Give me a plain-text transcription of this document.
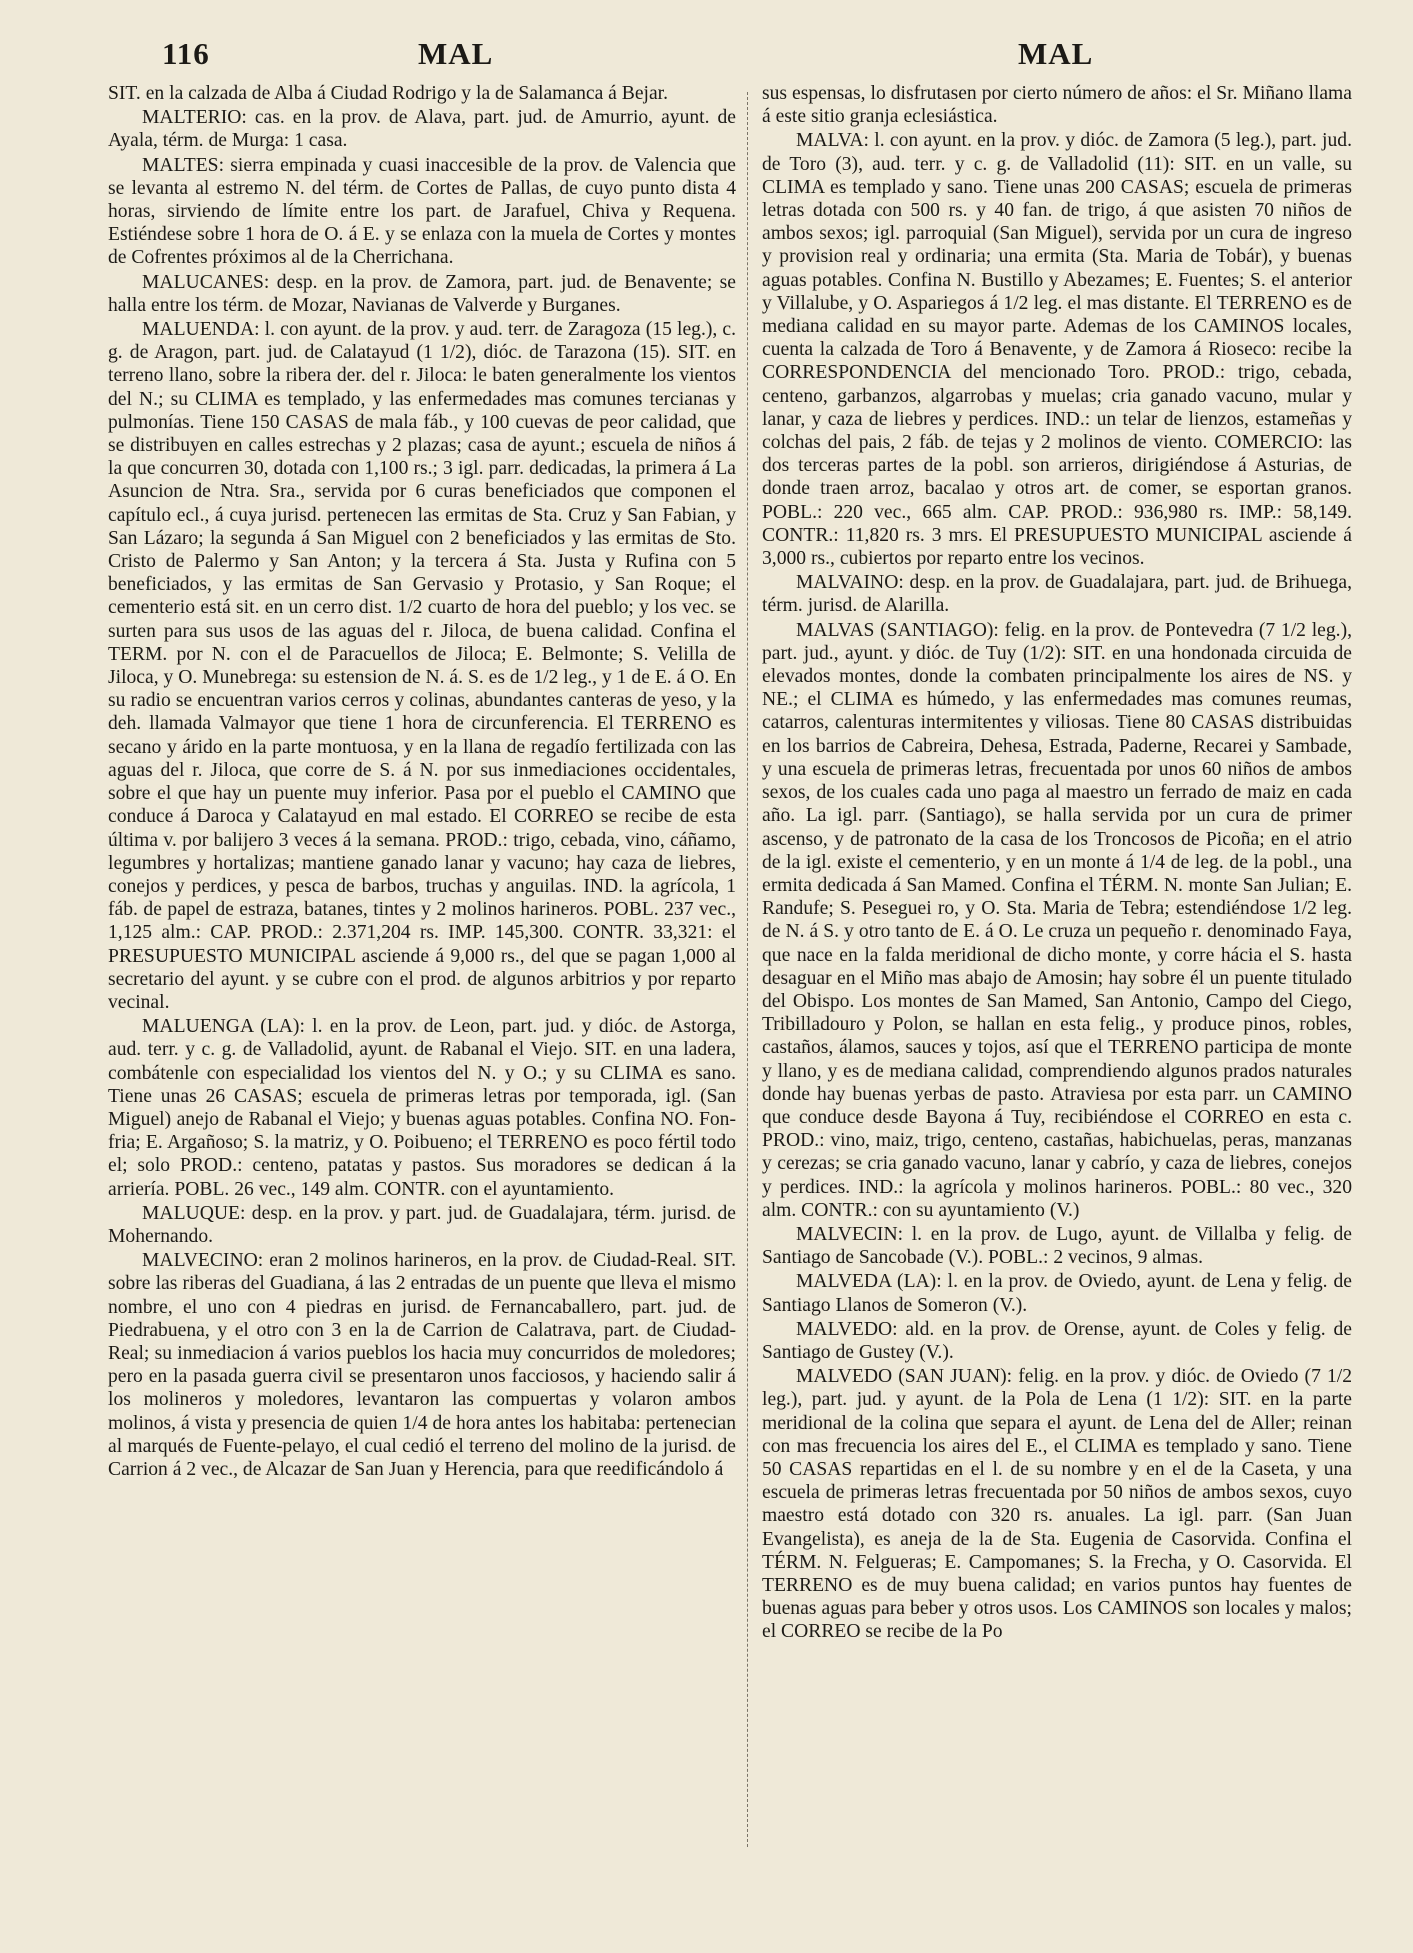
116	MAL	MAL

SIT. en la calzada de Alba á Ciudad Rodrigo y la de Salamanca á Bejar.

MALTERIO: cas. en la prov. de Alava, part. jud. de Amurrio, ayunt. de Ayala, térm. de Murga: 1 casa.

MALTES: sierra empinada y cuasi inaccesible de la prov. de Valencia que se levanta al estremo N. del térm. de Cortes de Pallas, de cuyo punto dista 4 horas, sirviendo de límite entre los part. de Jarafuel, Chiva y Requena. Estiéndese sobre 1 hora de O. á E. y se enlaza con la muela de Cortes y montes de Cofrentes próximos al de la Cherrichana.

MALUCANES: desp. en la prov. de Zamora, part. jud. de Benavente; se halla entre los térm. de Mozar, Navianas de Valverde y Burganes.

MALUENDA: l. con ayunt. de la prov. y aud. terr. de Zaragoza (15 leg.), c. g. de Aragon, part. jud. de Calatayud (1 1/2), dióc. de Tarazona (15). SIT. en terreno llano, sobre la ribera der. del r. Jiloca: le baten generalmente los vientos del N.; su CLIMA es templado, y las enfermedades mas comunes tercianas y pulmonías. Tiene 150 CASAS de mala fáb., y 100 cuevas de peor calidad, que se distribuyen en calles estrechas y 2 plazas; casa de ayunt.; escuela de niños á la que concurren 30, dotada con 1,100 rs.; 3 igl. parr. dedicadas, la primera á La Asuncion de Ntra. Sra., servida por 6 curas beneficiados que componen el capítulo ecl., á cuya jurisd. pertenecen las ermitas de Sta. Cruz y San Fabian, y San Lázaro; la segunda á San Miguel con 2 beneficiados y las ermitas de Sto. Cristo de Palermo y San Anton; y la tercera á Sta. Justa y Rufina con 5 beneficiados, y las ermitas de San Gervasio y Protasio, y San Roque; el cementerio está sit. en un cerro dist. 1/2 cuarto de hora del pueblo; y los vec. se surten para sus usos de las aguas del r. Jiloca, de buena calidad. Confina el TERM. por N. con el de Paracuellos de Jiloca; E. Belmonte; S. Velilla de Jiloca, y O. Munebrega: su estension de N. á. S. es de 1/2 leg., y 1 de E. á O. En su radio se encuentran varios cerros y colinas, abundantes canteras de yeso, y la deh. llamada Valmayor que tiene 1 hora de circunferencia. El TERRENO es secano y árido en la parte montuosa, y en la llana de regadío fertilizada con las aguas del r. Jiloca, que corre de S. á N. por sus inmediaciones occidentales, sobre el que hay un puente muy inferior. Pasa por el pueblo el CAMINO que conduce á Daroca y Calatayud en mal estado. El CORREO se recibe de esta última v. por balijero 3 veces á la semana. PROD.: trigo, cebada, vino, cáñamo, legumbres y hortalizas; mantiene ganado lanar y vacuno; hay caza de liebres, conejos y perdices, y pesca de barbos, truchas y anguilas. IND. la agrícola, 1 fáb. de papel de estraza, batanes, tintes y 2 molinos harineros. POBL. 237 vec., 1,125 alm.: CAP. PROD.: 2.371,204 rs. IMP. 145,300. CONTR. 33,321: el PRESUPUESTO MUNICIPAL asciende á 9,000 rs., del que se pagan 1,000 al secretario del ayunt. y se cubre con el prod. de algunos arbitrios y por reparto vecinal.

MALUENGA (LA): l. en la prov. de Leon, part. jud. y dióc. de Astorga, aud. terr. y c. g. de Valladolid, ayunt. de Rabanal el Viejo. SIT. en una ladera, combátenle con especialidad los vientos del N. y O.; y su CLIMA es sano. Tiene unas 26 CASAS; escuela de primeras letras por temporada, igl. (San Miguel) anejo de Rabanal el Viejo; y buenas aguas potables. Confina NO. Fon-fria; E. Argañoso; S. la matriz, y O. Poibueno; el TERRENO es poco fértil todo el; solo PROD.: centeno, patatas y pastos. Sus moradores se dedican á la arriería. POBL. 26 vec., 149 alm. CONTR. con el ayuntamiento.

MALUQUE: desp. en la prov. y part. jud. de Guadalajara, térm. jurisd. de Mohernando.

MALVECINO: eran 2 molinos harineros, en la prov. de Ciudad-Real. SIT. sobre las riberas del Guadiana, á las 2 entradas de un puente que lleva el mismo nombre, el uno con 4 piedras en jurisd. de Fernancaballero, part. jud. de Piedrabuena, y el otro con 3 en la de Carrion de Calatrava, part. de Ciudad-Real; su inmediacion á varios pueblos los hacia muy concurridos de moledores; pero en la pasada guerra civil se presentaron unos facciosos, y haciendo salir á los molineros y moledores, levantaron las compuertas y volaron ambos molinos, á vista y presencia de quien 1/4 de hora antes los habitaba: pertenecian al marqués de Fuente-pelayo, el cual cedió el terreno del molino de la jurisd. de Carrion á 2 vec., de Alcazar de San Juan y Herencia, para que reedificándolo á

sus espensas, lo disfrutasen por cierto número de años: el Sr. Miñano llama á este sitio granja eclesiástica.

MALVA: l. con ayunt. en la prov. y dióc. de Zamora (5 leg.), part. jud. de Toro (3), aud. terr. y c. g. de Valladolid (11): SIT. en un valle, su CLIMA es templado y sano. Tiene unas 200 CASAS; escuela de primeras letras dotada con 500 rs. y 40 fan. de trigo, á que asisten 70 niños de ambos sexos; igl. parroquial (San Miguel), servida por un cura de ingreso y provision real y ordinaria; una ermita (Sta. Maria de Tobár), y buenas aguas potables. Confina N. Bustillo y Abezames; E. Fuentes; S. el anterior y Villalube, y O. Aspariegos á 1/2 leg. el mas distante. El TERRENO es de mediana calidad en su mayor parte. Ademas de los CAMINOS locales, cuenta la calzada de Toro á Benavente, y de Zamora á Rioseco: recibe la CORRESPONDENCIA del mencionado Toro. PROD.: trigo, cebada, centeno, garbanzos, algarrobas y muelas; cria ganado vacuno, mular y lanar, y caza de liebres y perdices. IND.: un telar de lienzos, estameñas y colchas del pais, 2 fáb. de tejas y 2 molinos de viento. COMERCIO: las dos terceras partes de la pobl. son arrieros, dirigiéndose á Asturias, de donde traen arroz, bacalao y otros art. de comer, se esportan granos. POBL.: 220 vec., 665 alm. CAP. PROD.: 936,980 rs. IMP.: 58,149. CONTR.: 11,820 rs. 3 mrs. El PRESUPUESTO MUNICIPAL asciende á 3,000 rs., cubiertos por reparto entre los vecinos.

MALVAINO: desp. en la prov. de Guadalajara, part. jud. de Brihuega, térm. jurisd. de Alarilla.

MALVAS (SANTIAGO): felig. en la prov. de Pontevedra (7 1/2 leg.), part. jud., ayunt. y dióc. de Tuy (1/2): SIT. en una hondonada circuida de elevados montes, donde la combaten principalmente los aires de NS. y NE.; el CLIMA es húmedo, y las enfermedades mas comunes reumas, catarros, calenturas intermitentes y viliosas. Tiene 80 CASAS distribuidas en los barrios de Cabreira, Dehesa, Estrada, Paderne, Recarei y Sambade, y una escuela de primeras letras, frecuentada por unos 60 niños de ambos sexos, de los cuales cada uno paga al maestro un ferrado de maiz en cada año. La igl. parr. (Santiago), se halla servida por un cura de primer ascenso, y de patronato de la casa de los Troncosos de Picoña; en el atrio de la igl. existe el cementerio, y en un monte á 1/4 de leg. de la pobl., una ermita dedicada á San Mamed. Confina el TÉRM. N. monte San Julian; E. Randufe; S. Peseguei ro, y O. Sta. Maria de Tebra; estendiéndose 1/2 leg. de N. á S. y otro tanto de E. á O. Le cruza un pequeño r. denominado Faya, que nace en la falda meridional de dicho monte, y corre hácia el S. hasta desaguar en el Miño mas abajo de Amosin; hay sobre él un puente titulado del Obispo. Los montes de San Mamed, San Antonio, Campo del Ciego, Tribilladouro y Polon, se hallan en esta felig., y produce pinos, robles, castaños, álamos, sauces y tojos, así que el TERRENO participa de monte y llano, y es de mediana calidad, comprendiendo algunos prados naturales donde hay buenas yerbas de pasto. Atraviesa por esta parr. un CAMINO que conduce desde Bayona á Tuy, recibiéndose el CORREO en esta c. PROD.: vino, maiz, trigo, centeno, castañas, habichuelas, peras, manzanas y cerezas; se cria ganado vacuno, lanar y cabrío, y caza de liebres, conejos y perdices. IND.: la agrícola y molinos harineros. POBL.: 80 vec., 320 alm. CONTR.: con su ayuntamiento (V.)

MALVECIN: l. en la prov. de Lugo, ayunt. de Villalba y felig. de Santiago de Sancobade (V.). POBL.: 2 vecinos, 9 almas.

MALVEDA (LA): l. en la prov. de Oviedo, ayunt. de Lena y felig. de Santiago Llanos de Someron (V.).

MALVEDO: ald. en la prov. de Orense, ayunt. de Coles y felig. de Santiago de Gustey (V.).

MALVEDO (SAN JUAN): felig. en la prov. y dióc. de Oviedo (7 1/2 leg.), part. jud. y ayunt. de la Pola de Lena (1 1/2): SIT. en la parte meridional de la colina que separa el ayunt. de Lena del de Aller; reinan con mas frecuencia los aires del E., el CLIMA es templado y sano. Tiene 50 CASAS repartidas en el l. de su nombre y en el de la Caseta, y una escuela de primeras letras frecuentada por 50 niños de ambos sexos, cuyo maestro está dotado con 320 rs. anuales. La igl. parr. (San Juan Evangelista), es aneja de la de Sta. Eugenia de Casorvida. Confina el TÉRM. N. Felgueras; E. Campomanes; S. la Frecha, y O. Casorvida. El TERRENO es de muy buena calidad; en varios puntos hay fuentes de buenas aguas para beber y otros usos. Los CAMINOS son locales y malos; el CORREO se recibe de la Po
